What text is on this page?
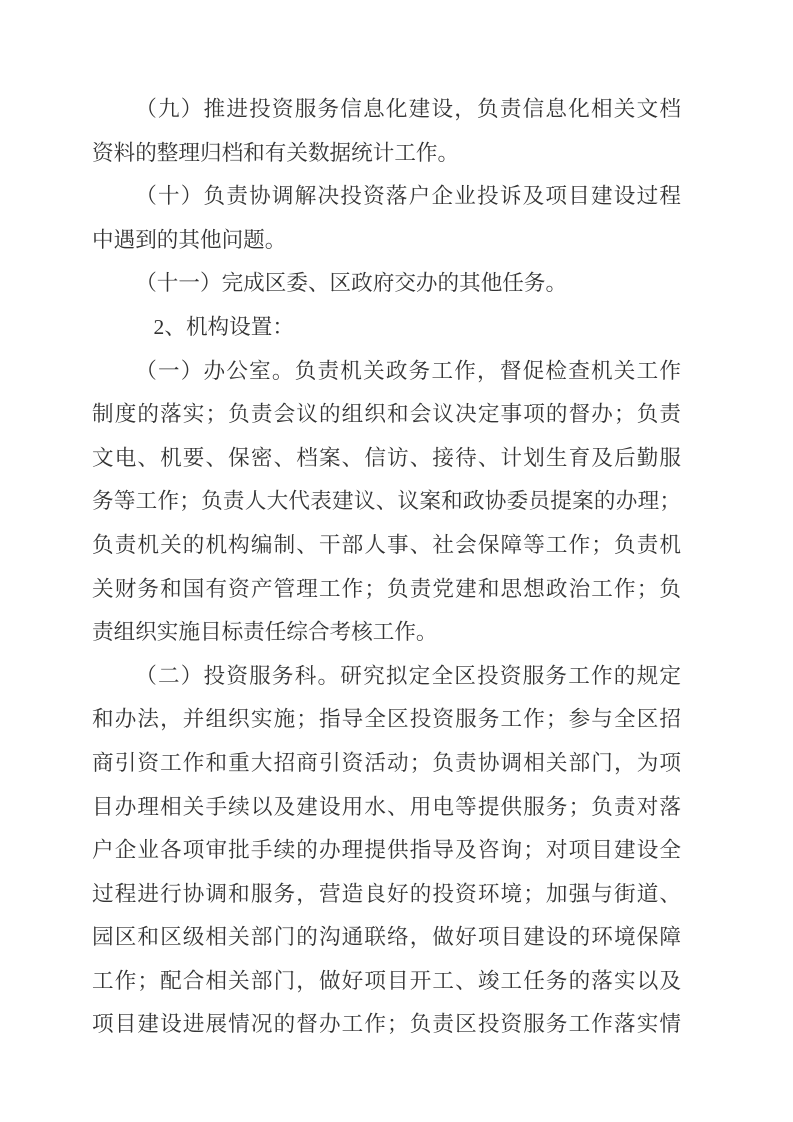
（九）推进投资服务信息化建设，负责信息化相关文档
资料的整理归档和有关数据统计工作。
（十）负责协调解决投资落户企业投诉及项目建设过程
中遇到的其他问题。
（十一）完成区委、区政府交办的其他任务。
2、机构设置：
（一）办公室。负责机关政务工作，督促检查机关工作
制度的落实；负责会议的组织和会议决定事项的督办；负责
文电、机要、保密、档案、信访、接待、计划生育及后勤服
务等工作；负责人大代表建议、议案和政协委员提案的办理；
负责机关的机构编制、干部人事、社会保障等工作；负责机
关财务和国有资产管理工作；负责党建和思想政治工作；负
责组织实施目标责任综合考核工作。
（二）投资服务科。研究拟定全区投资服务工作的规定
和办法，并组织实施；指导全区投资服务工作；参与全区招
商引资工作和重大招商引资活动；负责协调相关部门，为项
目办理相关手续以及建设用水、用电等提供服务；负责对落
户企业各项审批手续的办理提供指导及咨询；对项目建设全
过程进行协调和服务，营造良好的投资环境；加强与街道、
园区和区级相关部门的沟通联络，做好项目建设的环境保障
工作；配合相关部门，做好项目开工、竣工任务的落实以及
项目建设进展情况的督办工作；负责区投资服务工作落实情
